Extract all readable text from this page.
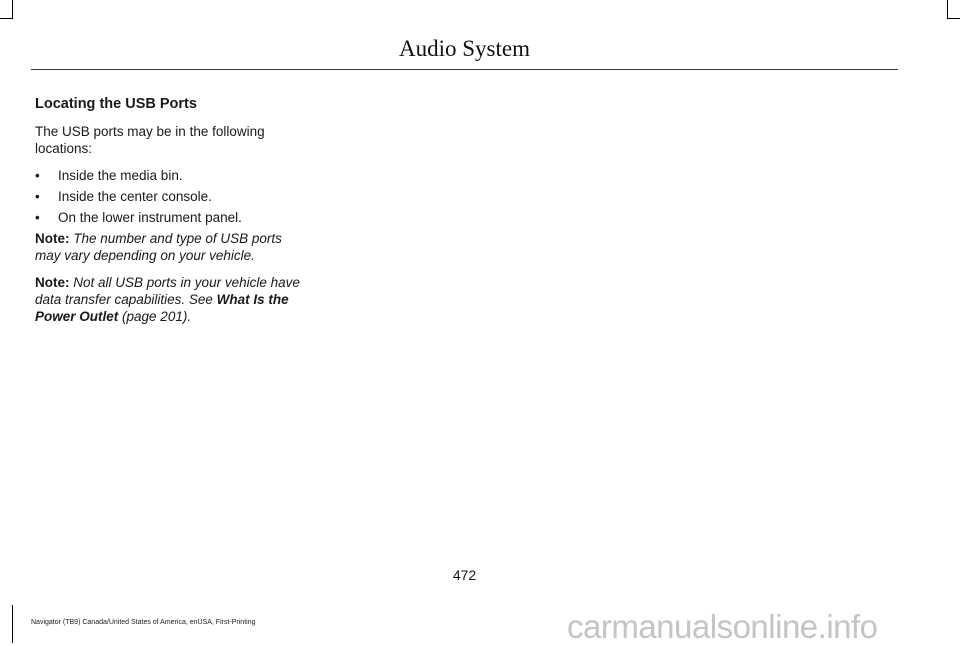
Audio System
Locating the USB Ports

The USB ports may be in the following locations:

• Inside the media bin.
• Inside the center console.
• On the lower instrument panel.

Note: The number and type of USB ports may vary depending on your vehicle.

Note: Not all USB ports in your vehicle have data transfer capabilities. See What Is the Power Outlet (page 201).

472
Navigator (TB9) Canada/United States of America, enUSA, First-Printing	carmanualsonline.info
